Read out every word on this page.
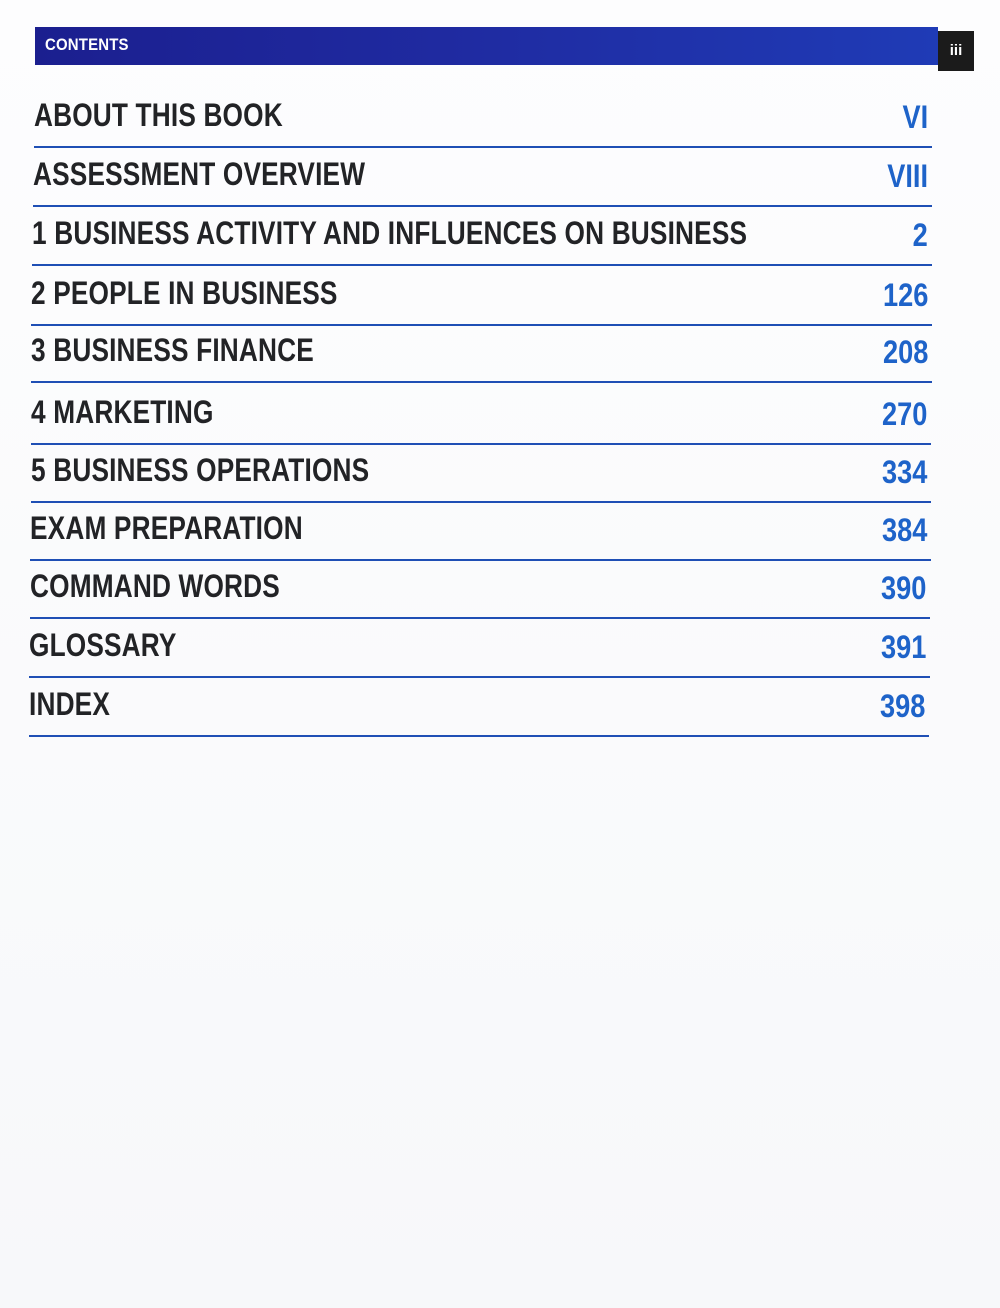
CONTENTS	iii
ABOUT THIS BOOK	VI
ASSESSMENT OVERVIEW	VIII
1 BUSINESS ACTIVITY AND INFLUENCES ON BUSINESS	2
2 PEOPLE IN BUSINESS	126
3 BUSINESS FINANCE	208
4 MARKETING	270
5 BUSINESS OPERATIONS	334
EXAM PREPARATION	384
COMMAND WORDS	390
GLOSSARY	391
INDEX	398
